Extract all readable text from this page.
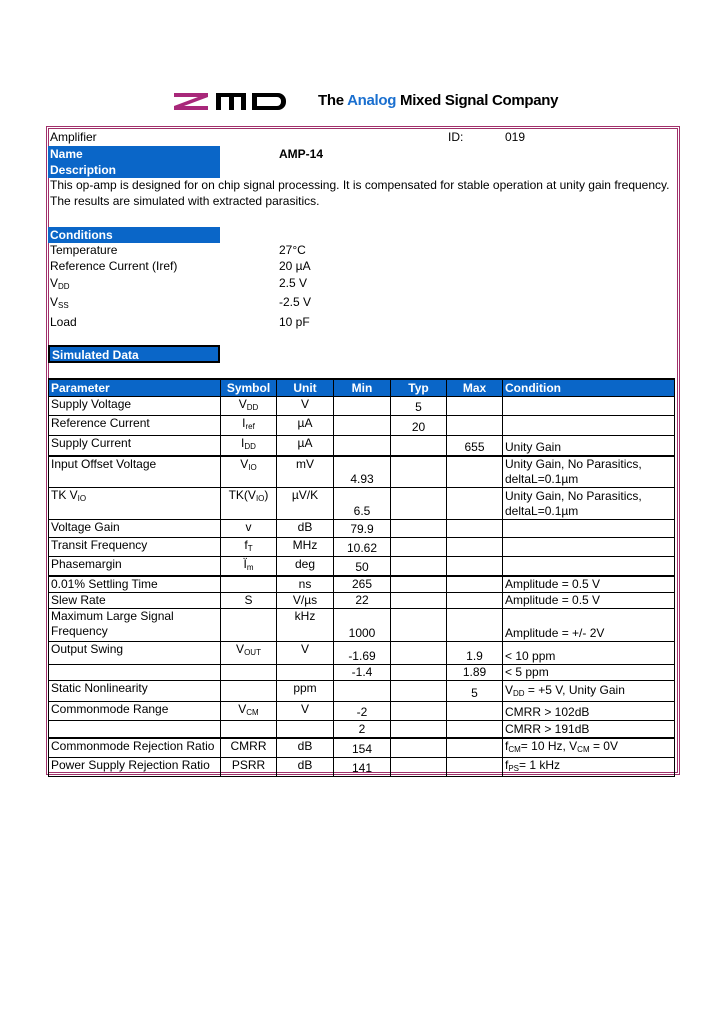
The Analog Mixed Signal Company
Amplifier	ID:	019
Name	AMP-14
Description
This op-amp is designed for on chip signal processing. It is compensated for stable operation at unity gain frequency.
The results are simulated with extracted parasitics.
Conditions
Temperature	27°C
Reference Current (Iref)	20 µA
$V_{DD}$	2.5 V
$V_{SS}$	-2.5 V
Load	10 pF
Simulated Data
Parameter	Symbol	Unit	Min	Typ	Max	Condition
Supply Voltage	$V_{DD}$	V		5		
Reference Current	$I_{ref}$	µA		20		
Supply Current	$I_{DD}$	µA			655	Unity Gain
Input Offset Voltage	$V_{IO}$	mV	4.93			Unity Gain, No Parasitics,
deltaL=0.1µm
TK $V_{IO}$	$TK(V_{IO})$	µV/K	6.5			Unity Gain, No Parasitics,
deltaL=0.1µm
Voltage Gain	v	dB	79.9			
Transit Frequency	$f_T$	MHz	10.62			
Phasemargin	$Ï_m$	deg	50			
0.01% Settling Time		ns	265			Amplitude = 0.5 V
Slew Rate	S	V/µs	22			Amplitude = 0.5 V
Maximum Large Signal
Frequency		kHz	1000			Amplitude = +/- 2V
Output Swing	$V_{OUT}$	V	-1.69		1.9	< 10 ppm
			-1.4		1.89	< 5 ppm
Static Nonlinearity		ppm			5	$V_{DD} = +5$ V, Unity Gain
Commonmode Range	$V_{CM}$	V	-2			CMRR > 102dB
			2			CMRR > 191dB
Commonmode Rejection Ratio	CMRR	dB	154			$f_{CM}= 10$ Hz, $V_{CM} = 0V$
Power Supply Rejection Ratio	PSRR	dB	141			$f_{PS}= 1$ kHz
